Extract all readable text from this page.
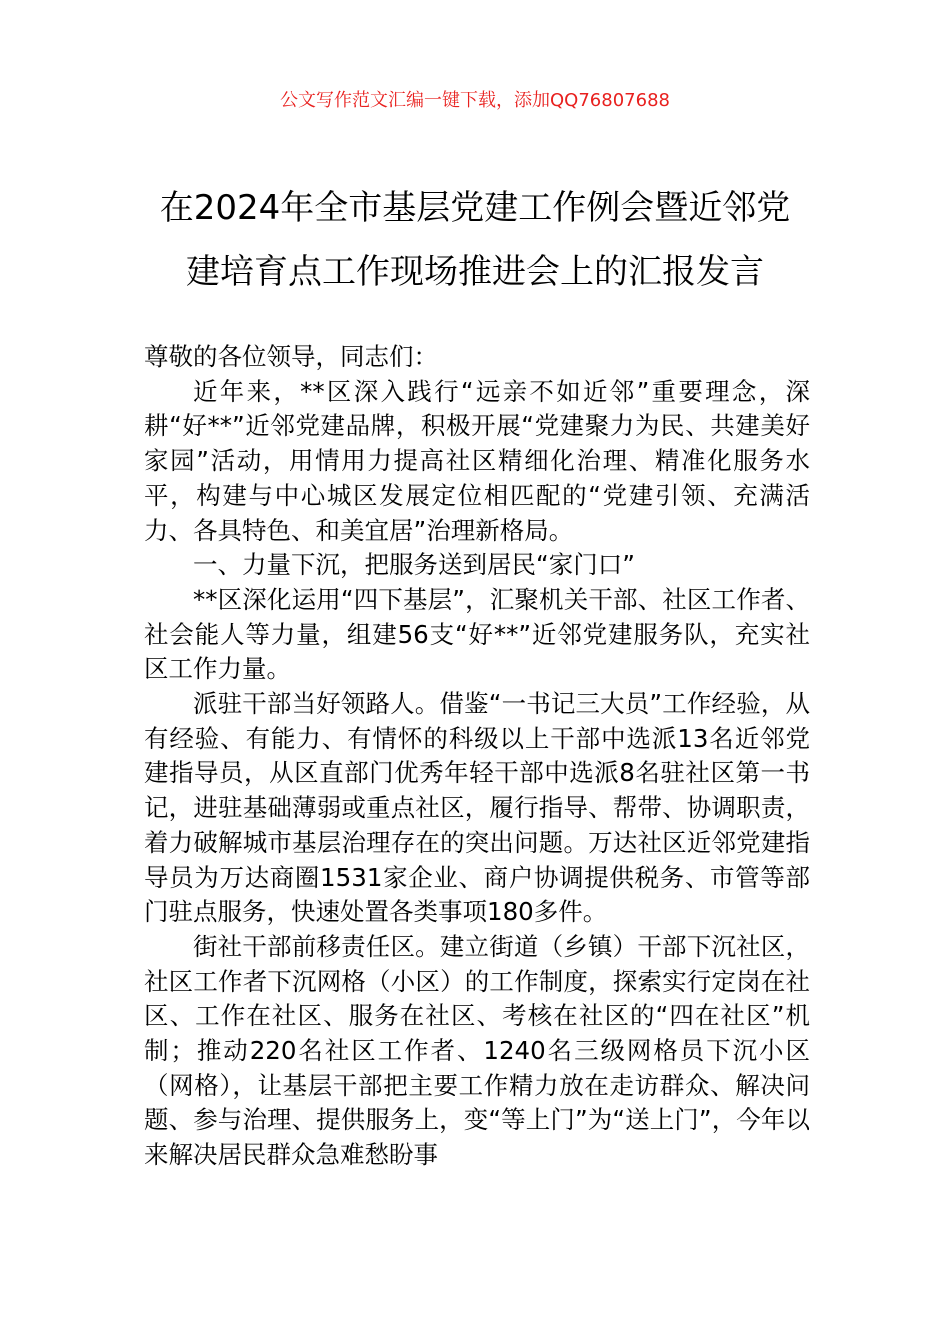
公文写作范文汇编一键下载，添加QQ76807688
在2024年全市基层党建工作例会暨近邻党
建培育点工作现场推进会上的汇报发言

尊敬的各位领导，同志们：

近年来，**区深入践行“远亲不如近邻”重要理念，深耕“好**”近邻党建品牌，积极开展“党建聚力为民、共建美好家园”活动，用情用力提高社区精细化治理、精准化服务水平，构建与中心城区发展定位相匹配的“党建引领、充满活力、各具特色、和美宜居”治理新格局。

一、力量下沉，把服务送到居民“家门口”

**区深化运用“四下基层”，汇聚机关干部、社区工作者、社会能人等力量，组建56支“好**”近邻党建服务队，充实社区工作力量。

派驻干部当好领路人。借鉴“一书记三大员”工作经验，从有经验、有能力、有情怀的科级以上干部中选派13名近邻党建指导员，从区直部门优秀年轻干部中选派8名驻社区第一书记，进驻基础薄弱或重点社区，履行指导、帮带、协调职责，着力破解城市基层治理存在的突出问题。万达社区近邻党建指导员为万达商圈1531家企业、商户协调提供税务、市管等部门驻点服务，快速处置各类事项180多件。

街社干部前移责任区。建立街道（乡镇）干部下沉社区，社区工作者下沉网格（小区）的工作制度，探索实行定岗在社区、工作在社区、服务在社区、考核在社区的“四在社区”机制；推动220名社区工作者、1240名三级网格员下沉小区（网格），让基层干部把主要工作精力放在走访群众、解决问题、参与治理、提供服务上，变“等上门”为“送上门”，今年以来解决居民群众急难愁盼事
